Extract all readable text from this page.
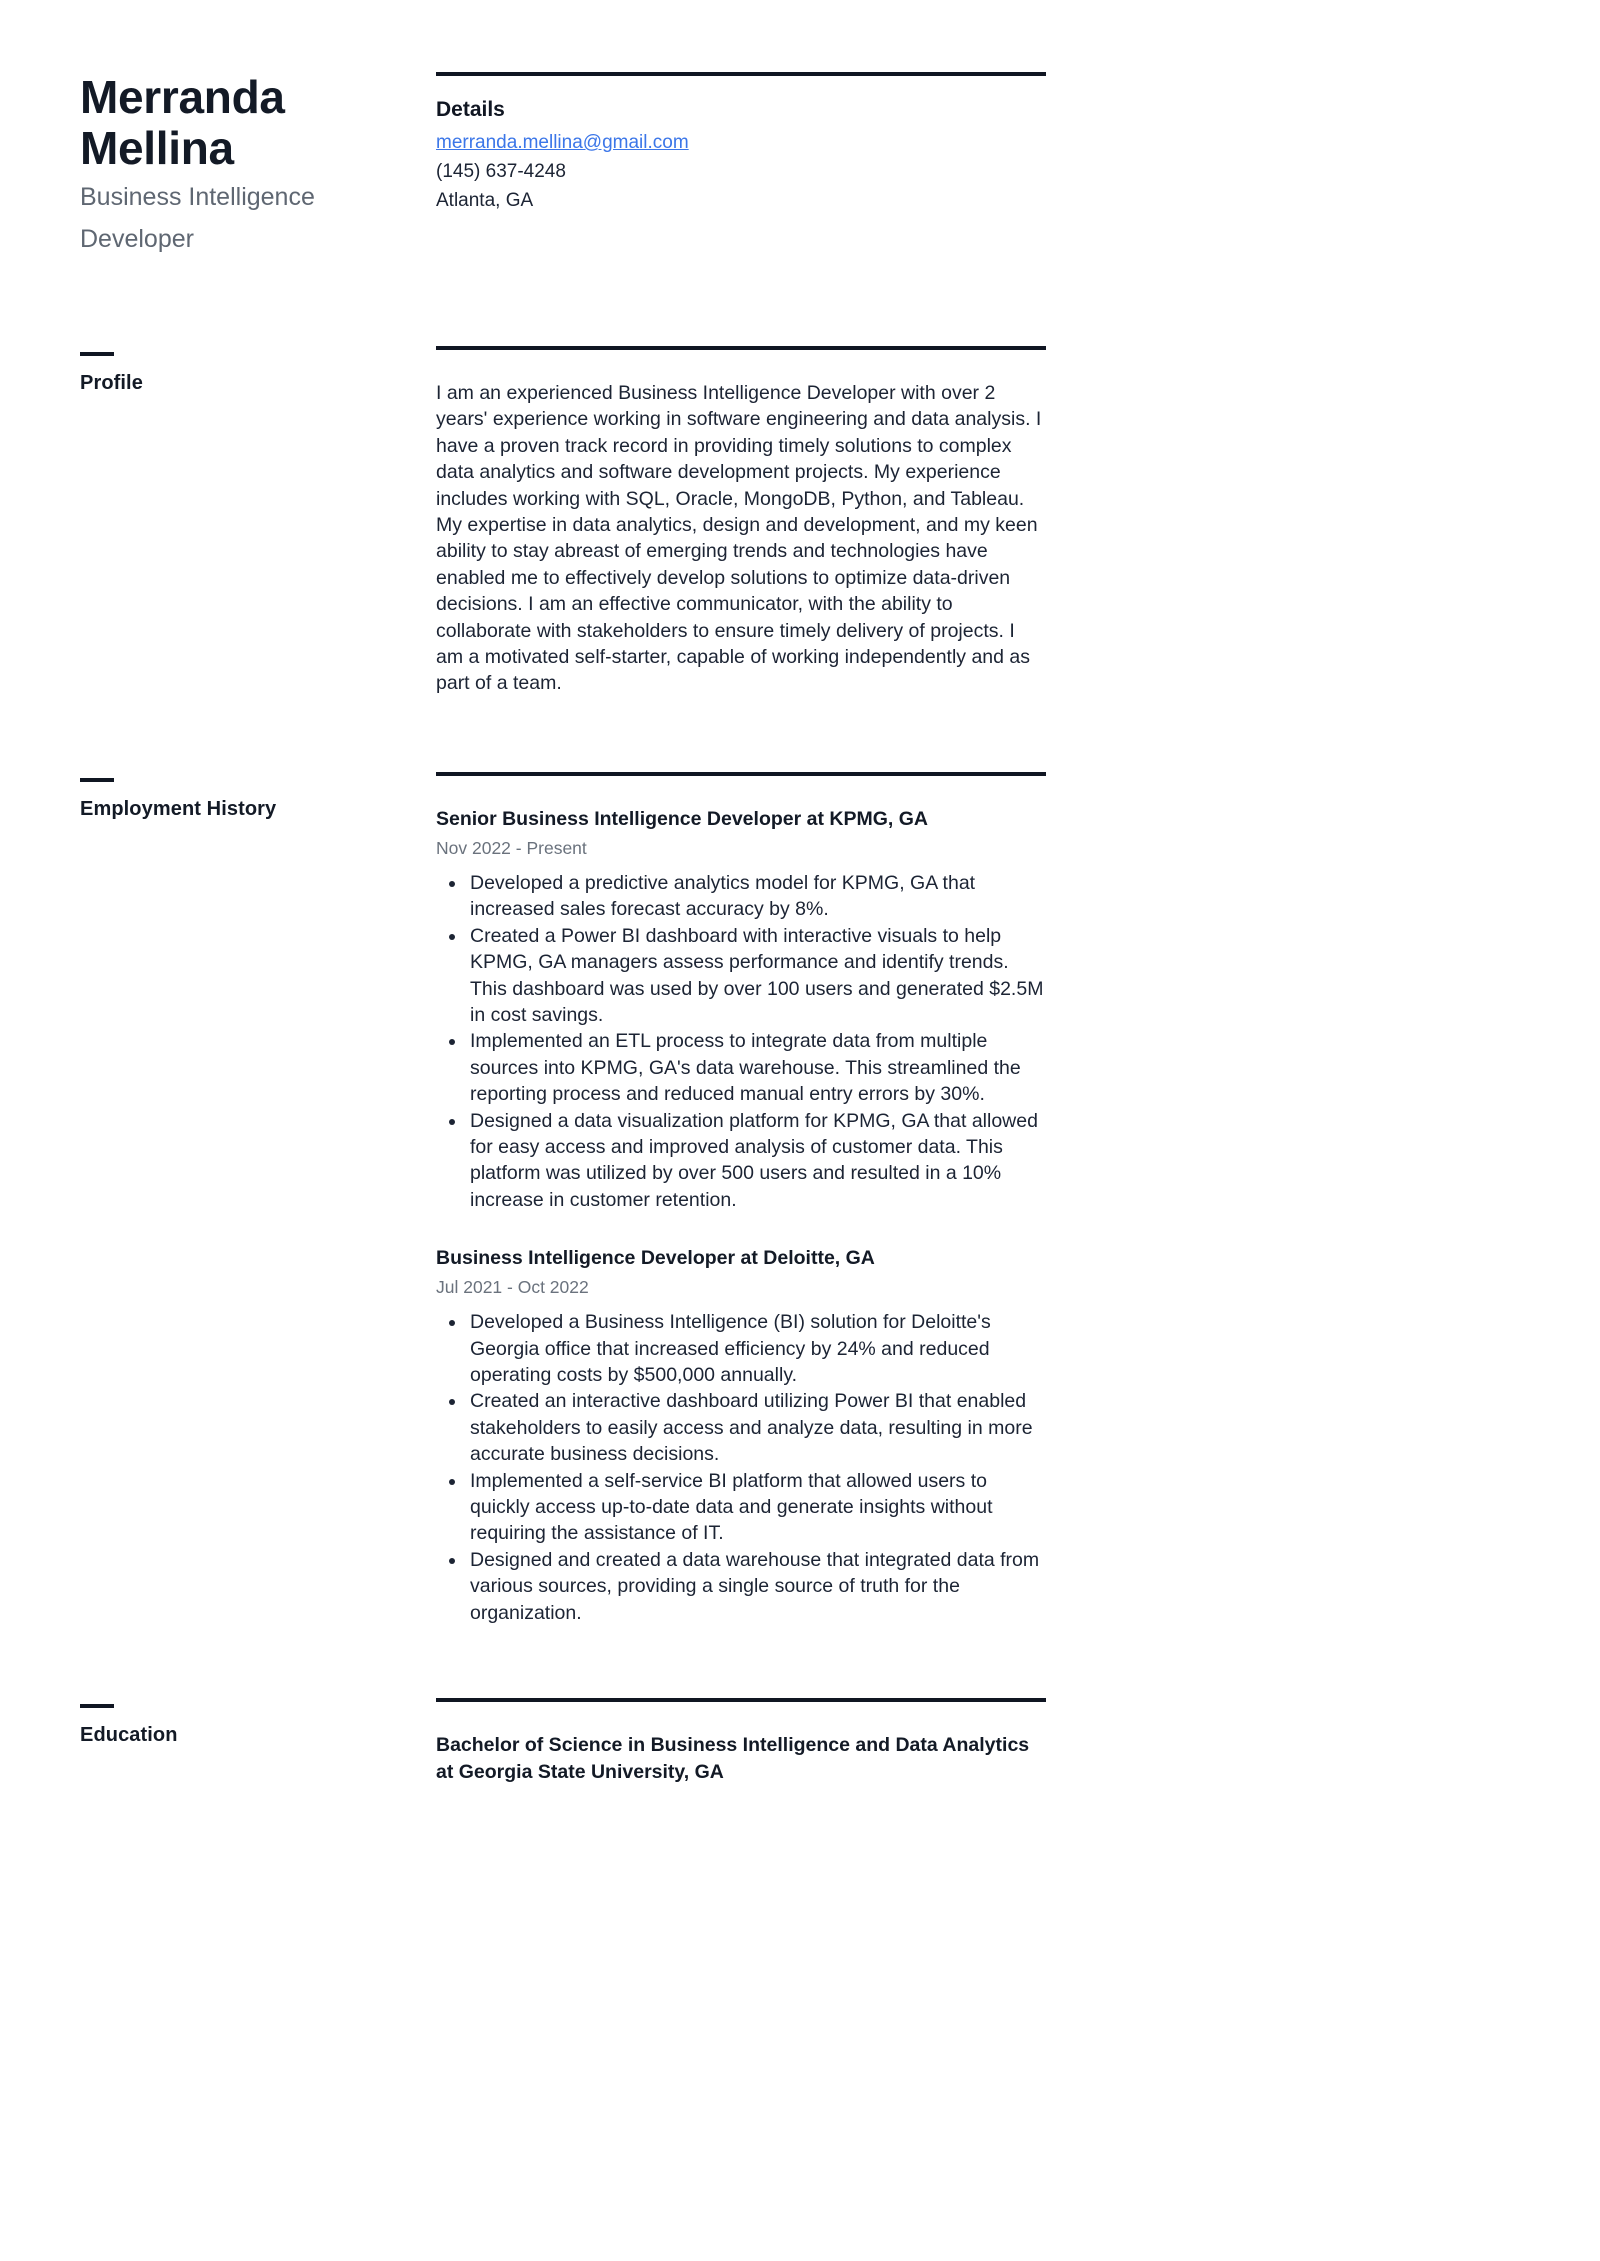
Merranda Mellina
Business Intelligence Developer
Details
merranda.mellina@gmail.com
(145) 637-4248
Atlanta, GA
Profile	I am an experienced Business Intelligence Developer with over 2 years' experience working in software engineering and data analysis. I have a proven track record in providing timely solutions to complex data analytics and software development projects. My experience includes working with SQL, Oracle, MongoDB, Python, and Tableau. My expertise in data analytics, design and development, and my keen ability to stay abreast of emerging trends and technologies have enabled me to effectively develop solutions to optimize data-driven decisions. I am an effective communicator, with the ability to collaborate with stakeholders to ensure timely delivery of projects. I am a motivated self-starter, capable of working independently and as part of a team.

Employment History	Senior Business Intelligence Developer at KPMG, GA
Nov 2022 - Present
Developed a predictive analytics model for KPMG, GA that increased sales forecast accuracy by 8%.
Created a Power BI dashboard with interactive visuals to help KPMG, GA managers assess performance and identify trends. This dashboard was used by over 100 users and generated $2.5M in cost savings.
Implemented an ETL process to integrate data from multiple sources into KPMG, GA's data warehouse. This streamlined the reporting process and reduced manual entry errors by 30%.
Designed a data visualization platform for KPMG, GA that allowed for easy access and improved analysis of customer data. This platform was utilized by over 500 users and resulted in a 10% increase in customer retention.
Business Intelligence Developer at Deloitte, GA
Jul 2021 - Oct 2022
Developed a Business Intelligence (BI) solution for Deloitte's Georgia office that increased efficiency by 24% and reduced operating costs by $500,000 annually.
Created an interactive dashboard utilizing Power BI that enabled stakeholders to easily access and analyze data, resulting in more accurate business decisions.
Implemented a self-service BI platform that allowed users to quickly access up-to-date data and generate insights without requiring the assistance of IT.
Designed and created a data warehouse that integrated data from various sources, providing a single source of truth for the organization.
Education	Bachelor of Science in Business Intelligence and Data Analytics at Georgia State University, GA
